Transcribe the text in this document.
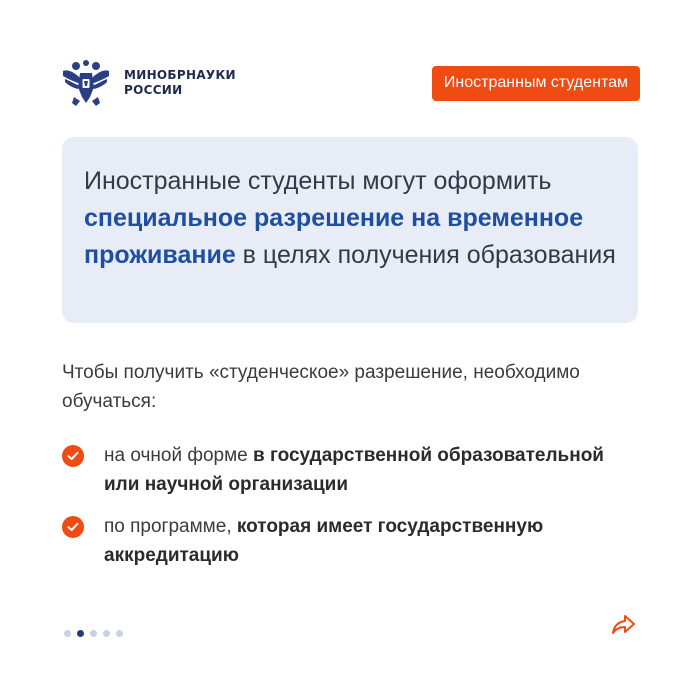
МИНОБРНАУКИ
РОССИИ	Иностранным студентам
Иностранные студенты могут оформить специальное разрешение на временное проживание в целях получения образования
Чтобы получить «студенческое» разрешение, необходимо обучаться:
на очной форме в государственной образовательной или научной организации
по программе, которая имеет государственную аккредитацию
